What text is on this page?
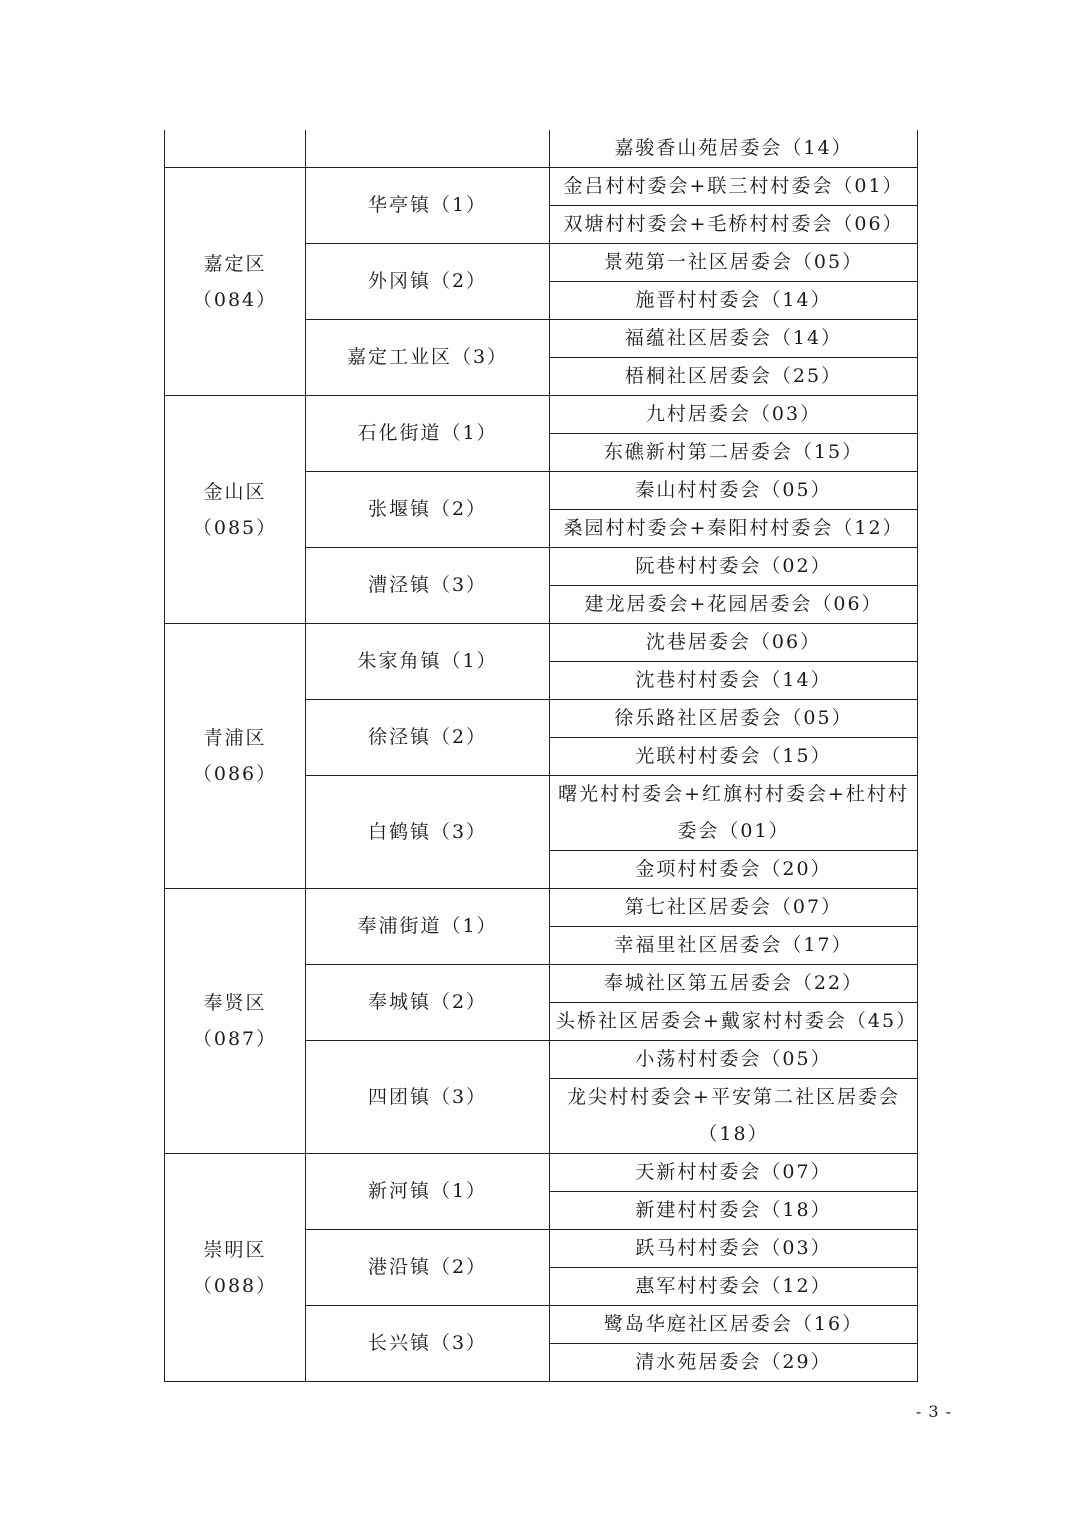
		嘉骏香山苑居委会（14）

嘉定区
（084）	华亭镇（1）	金吕村村委会+联三村村委会（01）
		双塘村村委会+毛桥村村委会（06）
	外冈镇（2）	景苑第一社区居委会（05）
		施晋村村委会（14）
	嘉定工业区（3）	福蕴社区居委会（14）
		梧桐社区居委会（25）

金山区
（085）	石化街道（1）	九村居委会（03）
		东礁新村第二居委会（15）
	张堰镇（2）	秦山村村委会（05）
		桑园村村委会+秦阳村村委会（12）
	漕泾镇（3）	阮巷村村委会（02）
		建龙居委会+花园居委会（06）

青浦区
（086）	朱家角镇（1）	沈巷居委会（06）
		沈巷村村委会（14）
	徐泾镇（2）	徐乐路社区居委会（05）
		光联村村委会（15）
	白鹤镇（3）	曙光村村委会+红旗村村委会+杜村村委会（01）
		金项村村委会（20）

奉贤区
（087）	奉浦街道（1）	第七社区居委会（07）
		幸福里社区居委会（17）
	奉城镇（2）	奉城社区第五居委会（22）
		头桥社区居委会+戴家村村委会（45）
	四团镇（3）	小荡村村委会（05）
		龙尖村村委会+平安第二社区居委会（18）

崇明区
（088）	新河镇（1）	天新村村委会（07）
		新建村村委会（18）
	港沿镇（2）	跃马村村委会（03）
		惠军村村委会（12）
	长兴镇（3）	鹭岛华庭社区居委会（16）
		清水苑居委会（29）
- 3 -
